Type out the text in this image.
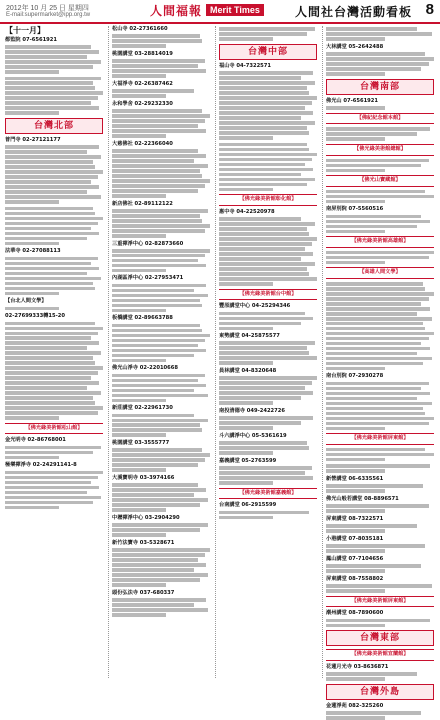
2012年 10 月 25 日 星期四
E-mail:supermarket@ipp.org.tw	人間福報 Merit Times	人間社台灣活動看板 8
【十一月】
都監院 07-6561921
台灣北部
普門寺 02-27121177
法華寺 02-27088113
【台北人間文學】
02-27699333轉15-20
【佛光緣美術館松山館】
金光明寺 02-86768001
極樂禪淨寺 02-24291141-8
松山寺 02-27361660
桃園講堂 03-28814019
大福淨寺 02-26387462
永和學舍 02-29232330
大慈佛社 02-22366040
新店佛社 02-89112122
三重禪淨中心 02-82873660
內湖區淨中心 02-27953471
板橋講堂 02-89663788
佛光山淨寺 02-22010668
新莊講堂 02-22961730
桃園講堂 03-3555777
大溪寶明寺 03-3974166
中壢禪淨中心 03-2904290
新竹法寶寺 03-5328671
頭份弘法寺 037-680337
台灣中部
福山寺 04-7322571
【佛光緣美術館彰化館】
惠中寺 04-22520978
【佛光緣美術館台中館】
豐原講堂中心 04-25294346
東勢講堂 04-25875577
員林講堂 04-8320648
南投清德寺 049-2422726
斗六講淨中心 05-5361619
嘉義講堂 05-2763599
【佛光緣美術館嘉義館】
台南講堂 06-2915599
大林講堂 05-2642488
台灣南部
佛光山 07-6561921
【佛紀紀念館本館】
【佛光緣美術館總館】
【佛光山寶藏館】
南屏別院 07-5560516
【佛光緣美術館高雄館】
【高雄人間文學】
南台別院 07-2930278
【佛光緣美術館屏東館】
新營講堂 06-6335561
佛光山般若講堂 08-8896571
屏東講堂 08-7322571
小港講堂 07-8035181
鳳山講堂 07-7104656
屏東講堂 08-7558802
【佛光緣美術館屏東館】
潮州講堂 08-7890600
台灣東部
【佛光緣美術館宜蘭館】
花蓮月光寺 03-8636871
台灣外島
金蓮淨苑 082-325260
